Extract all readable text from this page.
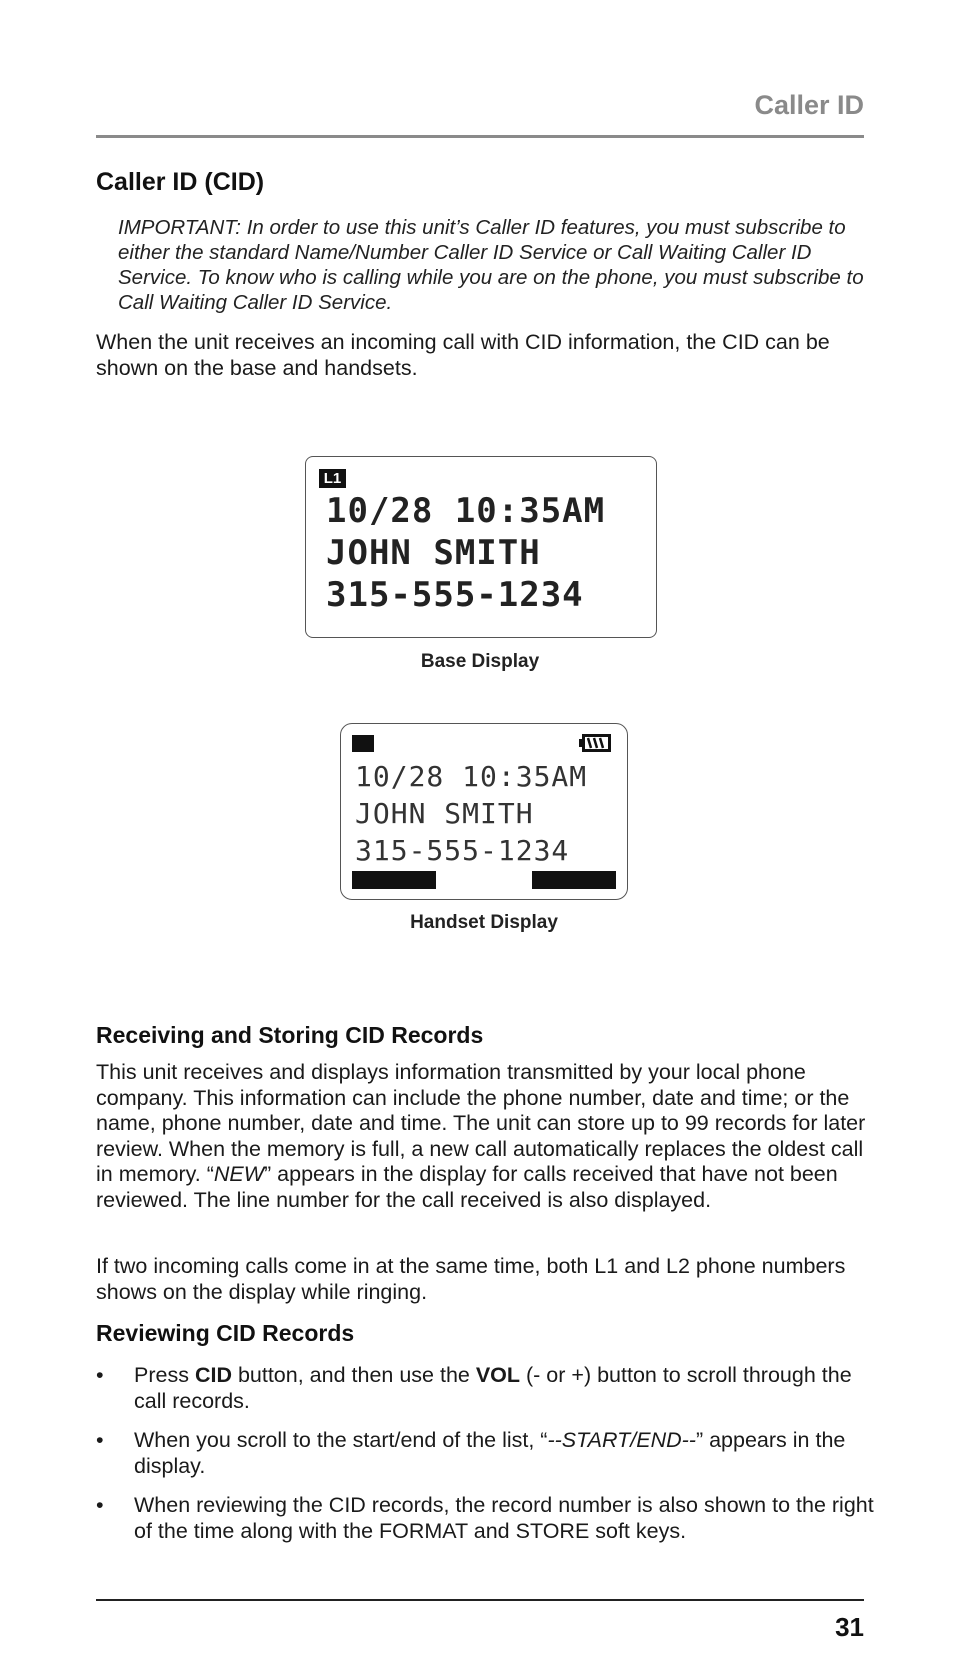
Caller ID
Caller ID (CID)
IMPORTANT: In order to use this unit’s Caller ID features, you must subscribe to either the standard Name/Number Caller ID Service or Call Waiting Caller ID Service. To know who is calling while you are on the phone, you must subscribe to Call Waiting Caller ID Service.
When the unit receives an incoming call with CID information, the CID can be shown on the base and handsets.
L1
10/28 10:35AM
JOHN SMITH
315-555-1234
Base Display
10/28 10:35AM
JOHN SMITH
315-555-1234
Handset Display
Receiving and Storing CID Records
This unit receives and displays information transmitted by your local phone company. This information can include the phone number, date and time; or the name, phone number, date and time. The unit can store up to 99 records for later review. When the memory is full, a new call automatically replaces the oldest call in memory. “NEW” appears in the display for calls received that have not been reviewed. The line number for the call received is also displayed.
If two incoming calls come in at the same time, both L1 and L2 phone numbers shows on the display while ringing.
Reviewing CID Records
• Press CID button, and then use the VOL (- or +) button to scroll through the call records.
• When you scroll to the start/end of the list, “--START/END--” appears in the display.
• When reviewing the CID records, the record number is also shown to the right of the time along with the FORMAT and STORE soft keys.
31
